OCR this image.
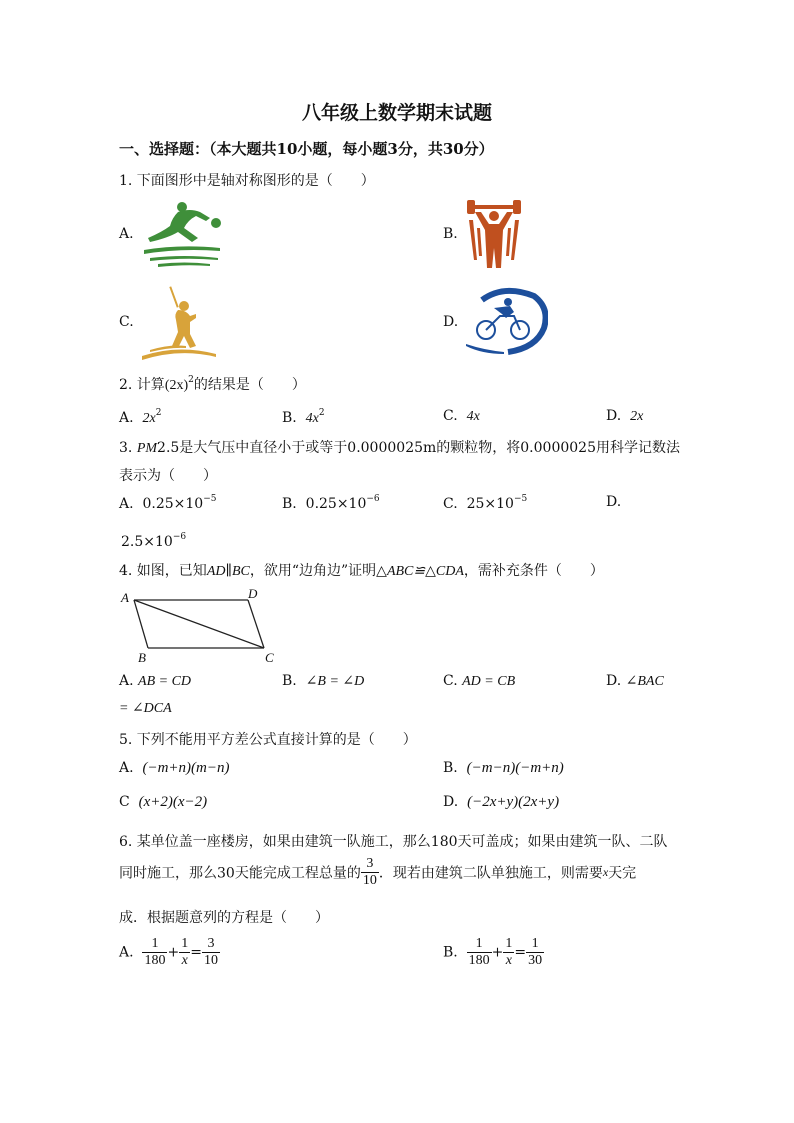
八年级上数学期末试题
一、选择题：（本大题共10小题，每小题3分，共30分）
1. 下面图形中是轴对称图形的是（　　）
A.	B.
C.	D.
2. 计算$(2x)^2$的结果是（　　）
A. $2x^2$	B. $4x^2$	C. 4x	D. 2x
3. PM2.5是大气压中直径小于或等于0.0000025m的颗粒物，将0.0000025用科学记数法
表示为（　　）
A. $0.25\times 10^{-5}$	B. $0.25\times 10^{-6}$	C. $25\times 10^{-5}$	D.
$2.5\times 10^{-6}$
4. 如图，已知AD∥BC，欲用“边角边”证明△ABC≌△CDA，需补充条件（　　）
A	D
B	C
A. AB = CD	B. ∠B = ∠D	C. AD = CB	D. ∠BAC
= ∠DCA
5. 下列不能用平方差公式直接计算的是（　　）
A. (−m+n)(m−n)	B. (−m−n)(−m+n)
C (x+2)(x−2)	D. (−2x+y)(2x+y)
6. 某单位盖一座楼房，如果由建筑一队施工，那么180天可盖成；如果由建筑一队、二队
同时施工，那么30天能完成工程总量的 $\frac{3}{10}$ ．现若由建筑二队单独施工，则需要x天完
成．根据题意列的方程是（　　）
A. $\frac{1}{180} + \frac{1}{x} = \frac{3}{10}$	B. $\frac{1}{180} + \frac{1}{x} = \frac{1}{30}$
